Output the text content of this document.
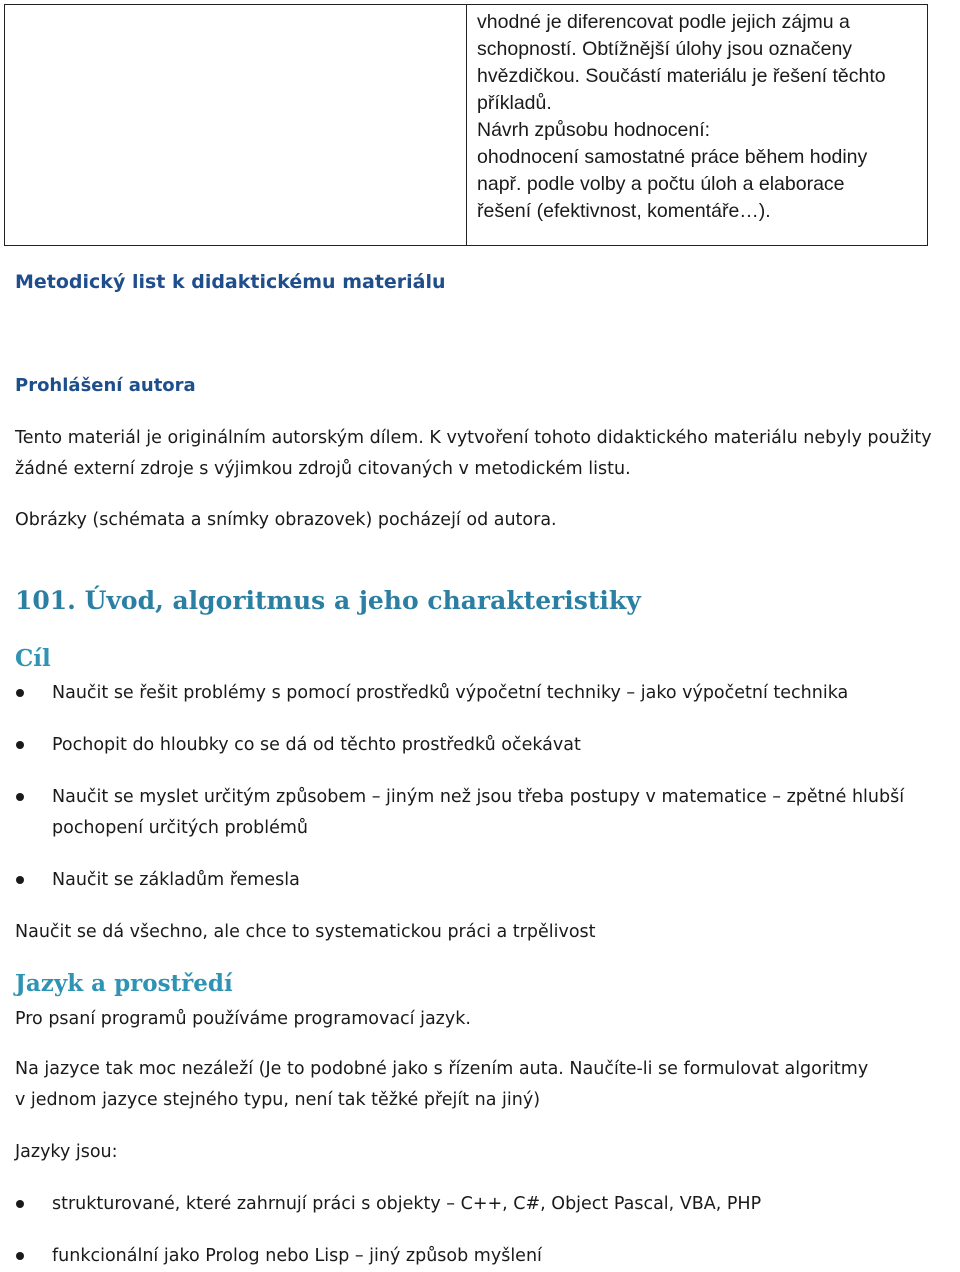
vhodné je diferencovat podle jejich zájmu a
schopností. Obtížnější úlohy jsou označeny
hvězdičkou. Součástí materiálu je řešení těchto
příkladů.
Návrh způsobu hodnocení:
ohodnocení samostatné práce během hodiny
např. podle volby a počtu úloh a elaborace
řešení (efektivnost, komentáře…).
Metodický list k didaktickému materiálu
Prohlášení autora

Tento materiál je originálním autorským dílem. K vytvoření tohoto didaktického materiálu nebyly použity
žádné externí zdroje s výjimkou zdrojů citovaných v metodickém listu.

Obrázky (schémata a snímky obrazovek) pocházejí od autora.

101. Úvod, algoritmus a jeho charakteristiky
Cíl
Naučit se řešit problémy s pomocí prostředků výpočetní techniky – jako výpočetní technika
Pochopit do hloubky co se dá od těchto prostředků očekávat
Naučit se myslet určitým způsobem – jiným než jsou třeba postupy v matematice – zpětné hlubší
pochopení určitých problémů
Naučit se základům řemesla

Naučit se dá všechno, ale chce to systematickou práci a trpělivost

Jazyk a prostředí

Pro psaní programů používáme programovací jazyk.

Na jazyce tak moc nezáleží (Je to podobné jako s řízením auta. Naučíte-li se formulovat algoritmy
v jednom jazyce stejného typu, není tak těžké přejít na jiný)

Jazyky jsou:

strukturované, které zahrnují práci s objekty – C++, C#, Object Pascal, VBA, PHP
funkcionální jako Prolog nebo Lisp – jiný způsob myšlení
